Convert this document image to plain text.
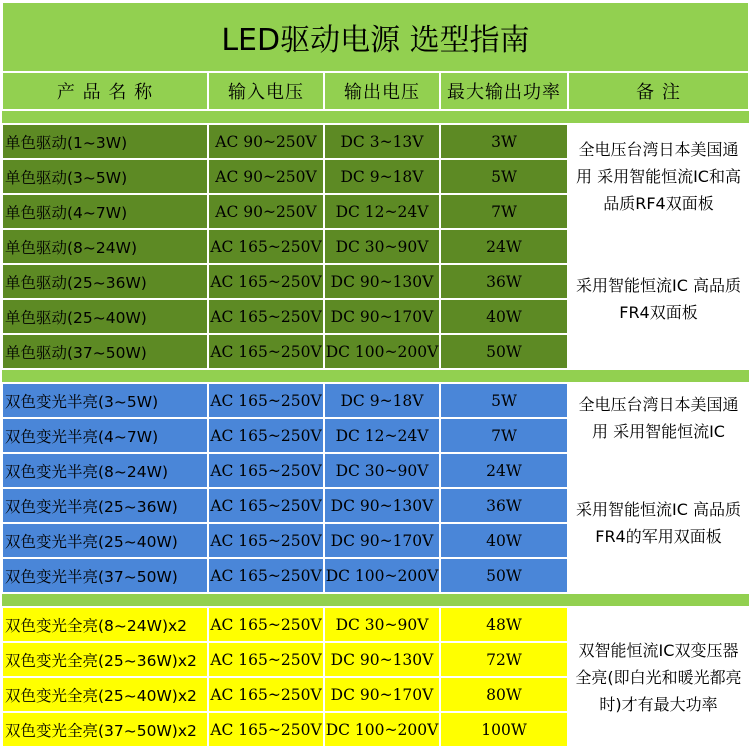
LED驱动电源 选型指南				
产 品 名 称	输入电压	输出电压	最大输出功率	备 注

单色驱动(1~3W)	AC 90~250V	DC 3~13V	3W	全电压台湾日本美国通用 采用智能恒流IC和高品质RF4双面板
单色驱动(3~5W)	AC 90~250V	DC 9~18V	5W	
单色驱动(4~7W)	AC 90~250V	DC 12~24V	7W	
单色驱动(8~24W)	AC 165~250V	DC 30~90V	24W	采用智能恒流IC 高品质FR4双面板
单色驱动(25~36W)	AC 165~250V	DC 90~130V	36W	
单色驱动(25~40W)	AC 165~250V	DC 90~170V	40W	
单色驱动(37~50W)	AC 165~250V	DC 100~200V	50W	

双色变光半亮(3~5W)	AC 165~250V	DC 9~18V	5W	全电压台湾日本美国通用 采用智能恒流IC
双色变光半亮(4~7W)	AC 165~250V	DC 12~24V	7W	
双色变光半亮(8~24W)	AC 165~250V	DC 30~90V	24W	采用智能恒流IC 高品质FR4的军用双面板
双色变光半亮(25~36W)	AC 165~250V	DC 90~130V	36W	
双色变光半亮(25~40W)	AC 165~250V	DC 90~170V	40W	
双色变光半亮(37~50W)	AC 165~250V	DC 100~200V	50W	

双色变光全亮(8~24W)x2	AC 165~250V	DC 30~90V	48W	双智能恒流IC双变压器全亮(即白光和暖光都亮时)才有最大功率
双色变光全亮(25~36W)x2	AC 165~250V	DC 90~130V	72W	
双色变光全亮(25~40W)x2	AC 165~250V	DC 90~170V	80W	
双色变光全亮(37~50W)x2	AC 165~250V	DC 100~200V	100W	
